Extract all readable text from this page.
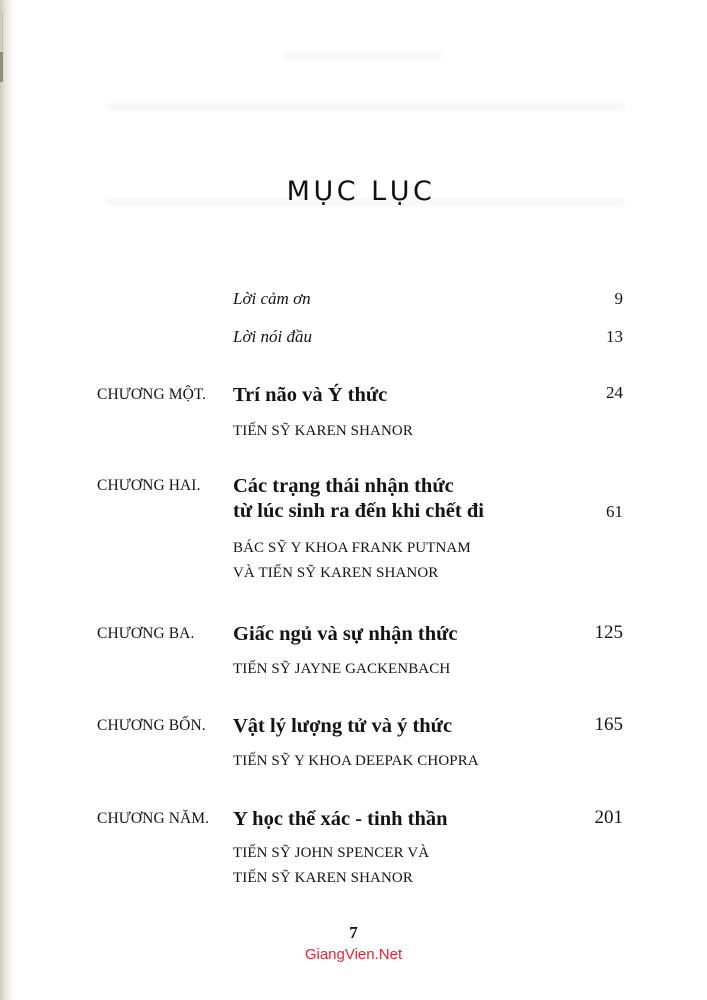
MỤC LỤC
Lời cảm ơn	9
Lời nói đầu	13
CHƯƠNG MỘT. Trí não và Ý thức
TIẾN SỸ KAREN SHANOR
24
CHƯƠNG HAI. Các trạng thái nhận thức
từ lúc sinh ra đến khi chết đi
BÁC SỸ Y KHOA FRANK PUTNAM
VÀ TIẾN SỸ KAREN SHANOR
61
CHƯƠNG BA. Giấc ngủ và sự nhận thức
TIẾN SỸ JAYNE GACKENBACH
125
CHƯƠNG BỐN. Vật lý lượng tử và ý thức
TIẾN SỸ Y KHOA DEEPAK CHOPRA
165
CHƯƠNG NĂM. Y học thể xác - tinh thần
TIẾN SỸ JOHN SPENCER VÀ
TIẾN SỸ KAREN SHANOR
201
7
GiangVien.Net
